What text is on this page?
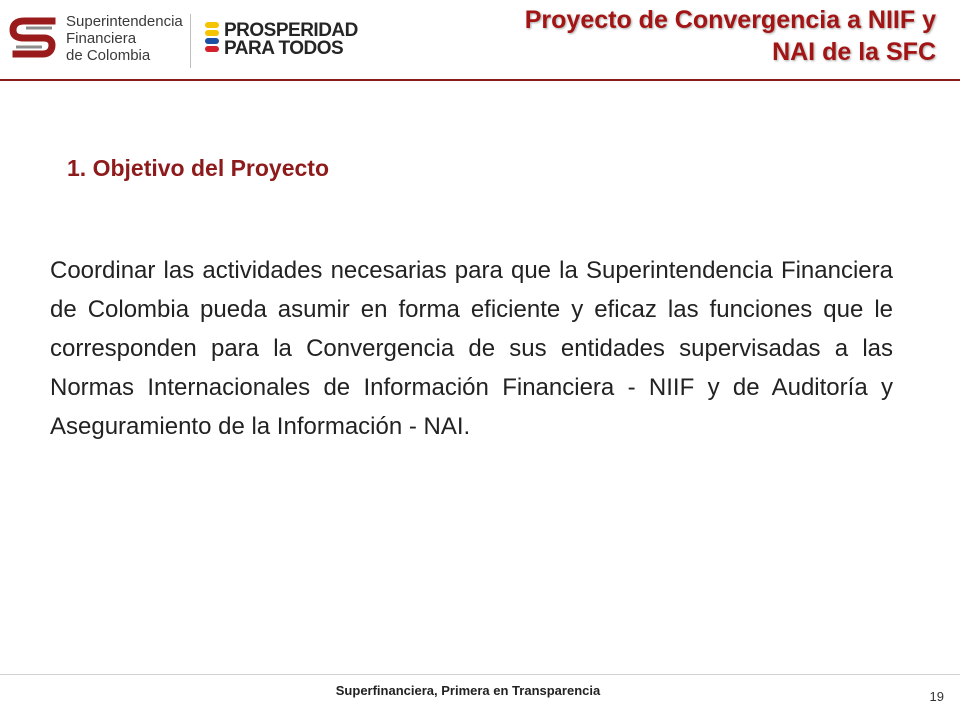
Superintendencia
Financiera
de Colombia
PROSPERIDAD
PARA TODOS
Proyecto de Convergencia a NIIF y
NAI de la SFC
1. Objetivo del Proyecto

Coordinar las actividades necesarias para que la Superintendencia Financiera de Colombia pueda asumir en forma eficiente y eficaz las funciones que le corresponden para la Convergencia de sus entidades supervisadas a las Normas Internacionales de Información Financiera - NIIF y de Auditoría y Aseguramiento de la Información - NAI.

Superfinanciera, Primera en Transparencia	19
